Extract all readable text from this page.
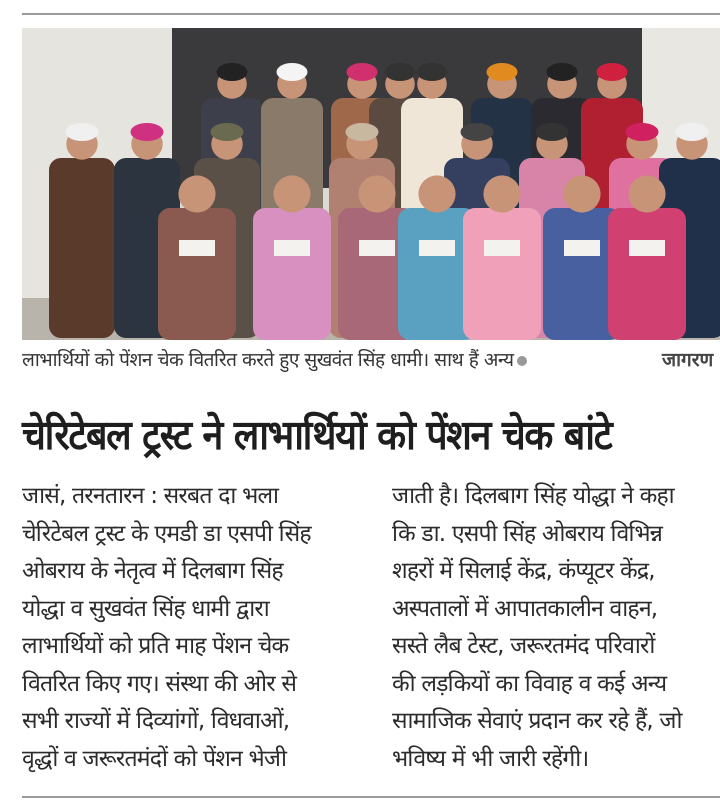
लाभार्थियों को पेंशन चेक वितरित करते हुए सुखवंत सिंह धामी। साथ हैं अन्य	जागरण
चेरिटेबल ट्रस्ट ने लाभार्थियों को पेंशन चेक बांटे
जासं, तरनतारन : सरबत दा भला
चेरिटेबल ट्रस्ट के एमडी डा एसपी सिंह
ओबराय के नेतृत्व में दिलबाग सिंह
योद्धा व सुखवंत सिंह धामी द्वारा
लाभार्थियों को प्रति माह पेंशन चेक
वितरित किए गए। संस्था की ओर से
सभी राज्यों में दिव्यांगों, विधवाओं,
वृद्धों व जरूरतमंदों को पेंशन भेजी
जाती है। दिलबाग सिंह योद्धा ने कहा
कि डा. एसपी सिंह ओबराय विभिन्न
शहरों में सिलाई केंद्र, कंप्यूटर केंद्र,
अस्पतालों में आपातकालीन वाहन,
सस्ते लैब टेस्ट, जरूरतमंद परिवारों
की लड़कियों का विवाह व कई अन्य
सामाजिक सेवाएं प्रदान कर रहे हैं, जो
भविष्य में भी जारी रहेंगी।
